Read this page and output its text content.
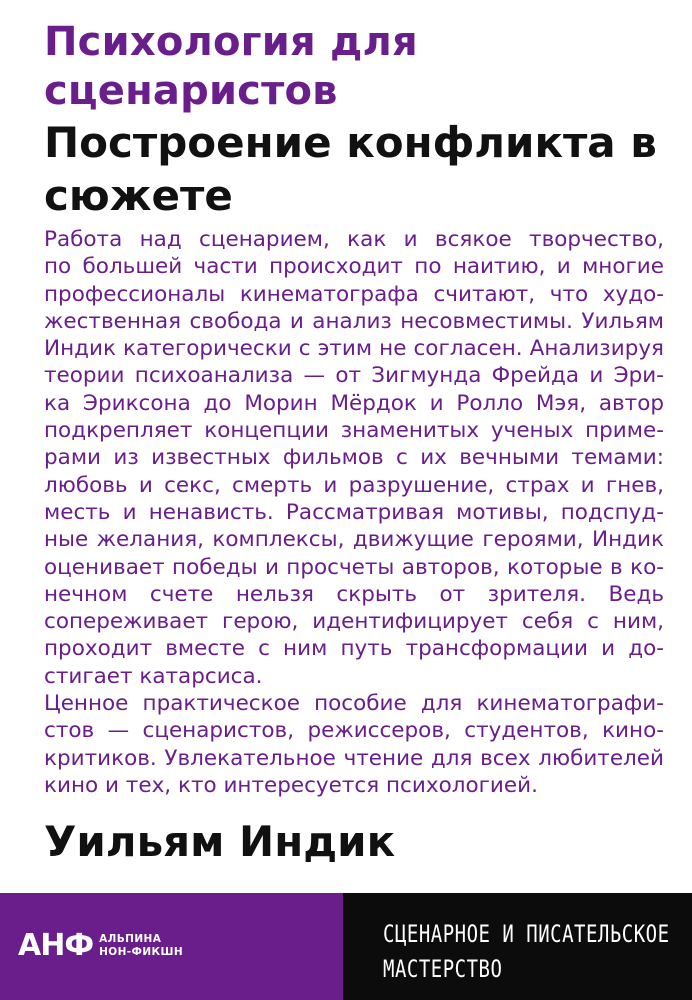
Психология для сценаристов
Построение конфликта в сюжете
Работа над сценарием, как и всякое творчество,
по большей части происходит по наитию, и многие
профессионалы кинематографа считают, что худо-
жественная свобода и анализ несовместимы. Уильям
Индик категорически с этим не согласен. Анализируя
теории психоанализа — от Зигмунда Фрейда и Эри-
ка Эриксона до Морин Мёрдок и Ролло Мэя, автор
подкрепляет концепции знаменитых ученых приме-
рами из известных фильмов с их вечными темами:
любовь и секс, смерть и разрушение, страх и гнев,
месть и ненависть. Рассматривая мотивы, подспуд-
ные желания, комплексы, движущие героями, Индик
оценивает победы и просчеты авторов, которые в ко-
нечном счете нельзя скрыть от зрителя. Ведь
сопереживает герою, идентифицирует себя с ним,
проходит вместе с ним путь трансформации и до-
стигает катарсиса.
Ценное практическое пособие для кинематографи-
стов — сценаристов, режиссеров, студентов, кино-
критиков. Увлекательное чтение для всех любителей
кино и тех, кто интересуется психологией.
Уильям Индик
АНФ АЛЬПИНА
НОН-ФИКШН
СЦЕНАРНОЕ И ПИСАТЕЛЬСКОЕ
МАСТЕРСТВО
